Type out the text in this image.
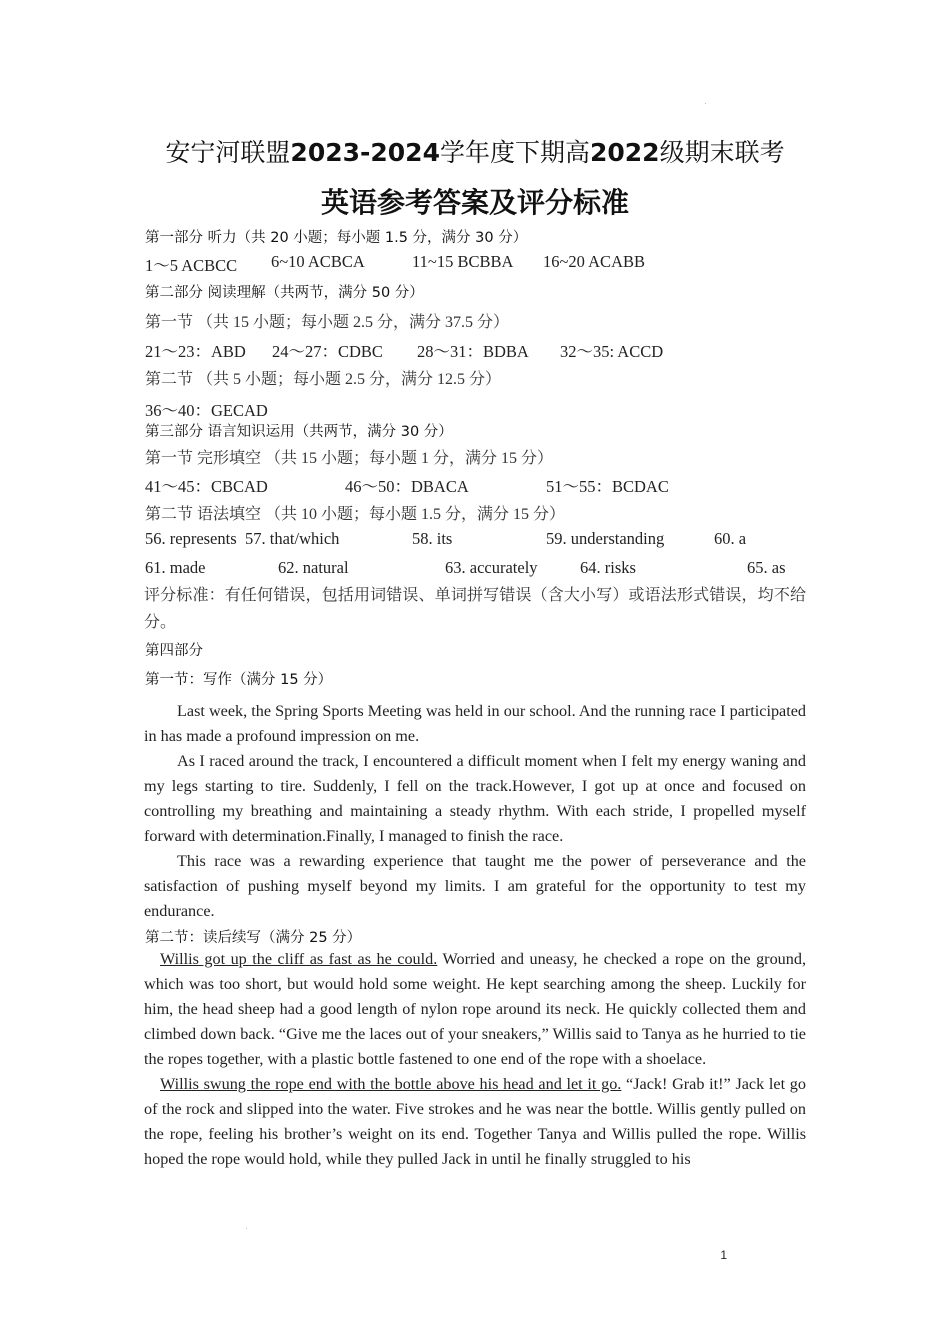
安宁河联盟2023-2024学年度下期高2022级期末联考
英语参考答案及评分标准
第一部分 听力（共 20 小题；每小题 1.5 分，满分 30 分）
1～5 ACBCC 6~10 ACBCA	11~15 BCBBA 16~20 ACABB
第二部分 阅读理解（共两节，满分 50 分）
第一节 （共 15 小题；每小题 2.5 分，满分 37.5 分）
21～23：ABD 24～27：CDBC 28～31：BDBA 32～35: ACCD
第二节 （共 5 小题；每小题 2.5 分，满分 12.5 分）
36～40：GECAD
第三部分 语言知识运用（共两节，满分 30 分）
第一节 完形填空 （共 15 小题；每小题 1 分，满分 15 分）
41～45：CBCAD	46～50：DBACA	51～55：BCDAC
第二节 语法填空 （共 10 小题；每小题 1.5 分，满分 15 分）
56. represents 57. that/which	58. its	59. understanding	60. a
61. made	62. natural	63. accurately	64. risks	65. as
评分标准：有任何错误，包括用词错误、单词拼写错误（含大小写）或语法形式错误，均不给分。
第四部分
第一节：写作（满分 15 分）

Last week, the Spring Sports Meeting was held in our school. And the running race I participated in has made a profound impression on me.

As I raced around the track, I encountered a difficult moment when I felt my energy waning and my legs starting to tire. Suddenly, I fell on the track.However, I got up at once and focused on controlling my breathing and maintaining a steady rhythm. With each stride, I propelled myself forward with determination.Finally, I managed to finish the race.

This race was a rewarding experience that taught me the power of perseverance and the satisfaction of pushing myself beyond my limits. I am grateful for the opportunity to test my endurance.

第二节：读后续写（满分 25 分）

Willis got up the cliff as fast as he could. Worried and uneasy, he checked a rope on the ground, which was too short, but would hold some weight. He kept searching among the sheep. Luckily for him, the head sheep had a good length of nylon rope around its neck. He quickly collected them and climbed down back. “Give me the laces out of your sneakers,” Willis said to Tanya as he hurried to tie the ropes together, with a plastic bottle fastened to one end of the rope with a shoelace.

Willis swung the rope end with the bottle above his head and let it go. “Jack! Grab it!” Jack let go of the rock and slipped into the water. Five strokes and he was near the bottle. Willis gently pulled on the rope, feeling his brother’s weight on its end. Together Tanya and Willis pulled the rope. Willis hoped the rope would hold, while they pulled Jack in until he finally struggled to his

1
